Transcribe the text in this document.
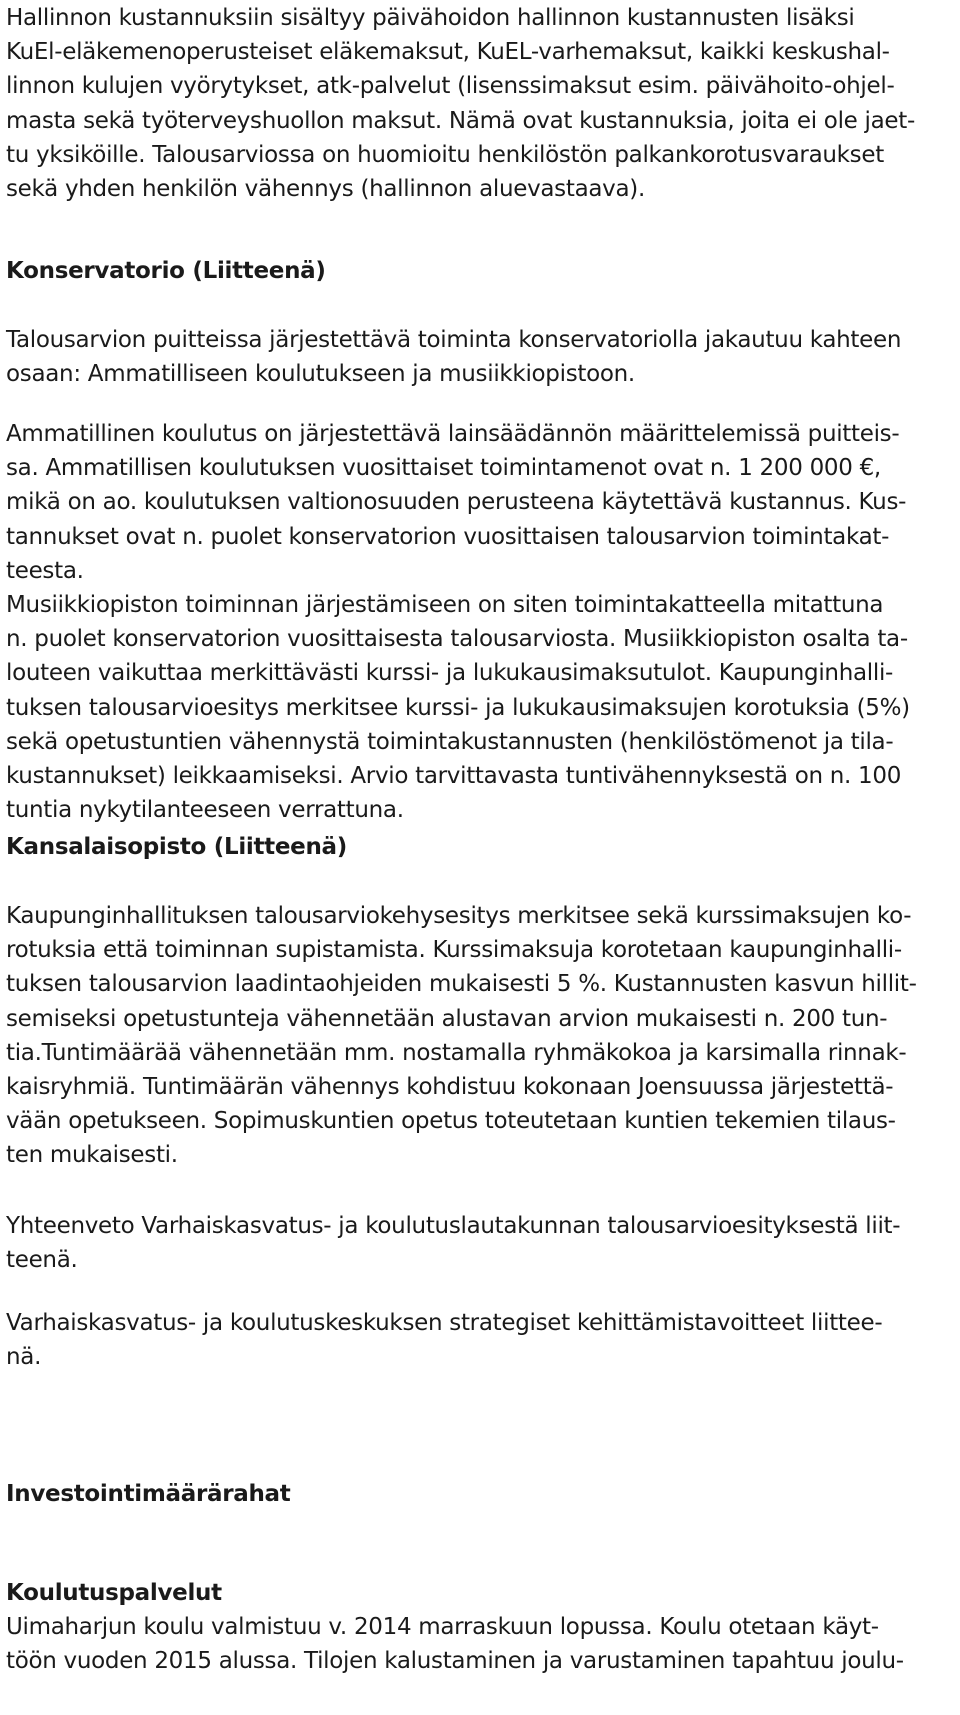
Hallinnon kustannuksiin sisältyy päivähoidon hallinnon kustannusten lisäksi
KuEl-eläkemenoperusteiset eläkemaksut, KuEL-varhemaksut, kaikki keskushal-
linnon kulujen vyörytykset, atk-palvelut (lisenssimaksut esim. päivähoito-ohjel-
masta sekä työterveyshuollon maksut. Nämä ovat kustannuksia, joita ei ole jaet-
tu yksiköille. Talousarviossa on huomioitu henkilöstön palkankorotusvaraukset
sekä yhden henkilön vähennys (hallinnon aluevastaava).
Konservatorio (Liitteenä)
Talousarvion puitteissa järjestettävä toiminta konservatoriolla jakautuu kahteen
osaan: Ammatilliseen koulutukseen ja musiikkiopistoon.
Ammatillinen koulutus on järjestettävä lainsäädännön määrittelemissä puitteis-
sa. Ammatillisen koulutuksen vuosittaiset toimintamenot ovat n. 1 200 000 €,
mikä on ao. koulutuksen valtionosuuden perusteena käytettävä kustannus. Kus-
tannukset ovat n. puolet konservatorion vuosittaisen talousarvion toimintakat-
teesta.
Musiikkiopiston toiminnan järjestämiseen on siten toimintakatteella mitattuna
n. puolet konservatorion vuosittaisesta talousarviosta. Musiikkiopiston osalta ta-
louteen vaikuttaa merkittävästi kurssi- ja lukukausimaksutulot. Kaupunginhalli-
tuksen talousarvioesitys merkitsee kurssi- ja lukukausimaksujen korotuksia (5%)
sekä opetustuntien vähennystä toimintakustannusten (henkilöstömenot ja tila-
kustannukset) leikkaamiseksi. Arvio tarvittavasta tuntivähennyksestä on n. 100
tuntia nykytilanteeseen verrattuna.
Kansalaisopisto (Liitteenä)
Kaupunginhallituksen talousarviokehysesitys merkitsee sekä kurssimaksujen ko-
rotuksia että toiminnan supistamista. Kurssimaksuja korotetaan kaupunginhalli-
tuksen talousarvion laadintaohjeiden mukaisesti 5 %. Kustannusten kasvun hillit-
semiseksi opetustunteja vähennetään alustavan arvion mukaisesti n. 200 tun-
tia.Tuntimäärää vähennetään mm. nostamalla ryhmäkokoa ja karsimalla rinnak-
kaisryhmiä. Tuntimäärän vähennys kohdistuu kokonaan Joensuussa järjestettä-
vään opetukseen. Sopimuskuntien opetus toteutetaan kuntien tekemien tilaus-
ten mukaisesti.
Yhteenveto Varhaiskasvatus- ja koulutuslautakunnan talousarvioesityksestä liit-
teenä.
Varhaiskasvatus- ja koulutuskeskuksen strategiset kehittämistavoitteet liittee-
nä.
Investointimäärärahat
Koulutuspalvelut
Uimaharjun koulu valmistuu v. 2014 marraskuun lopussa. Koulu otetaan käyt-
töön vuoden 2015 alussa. Tilojen kalustaminen ja varustaminen tapahtuu joulu-
